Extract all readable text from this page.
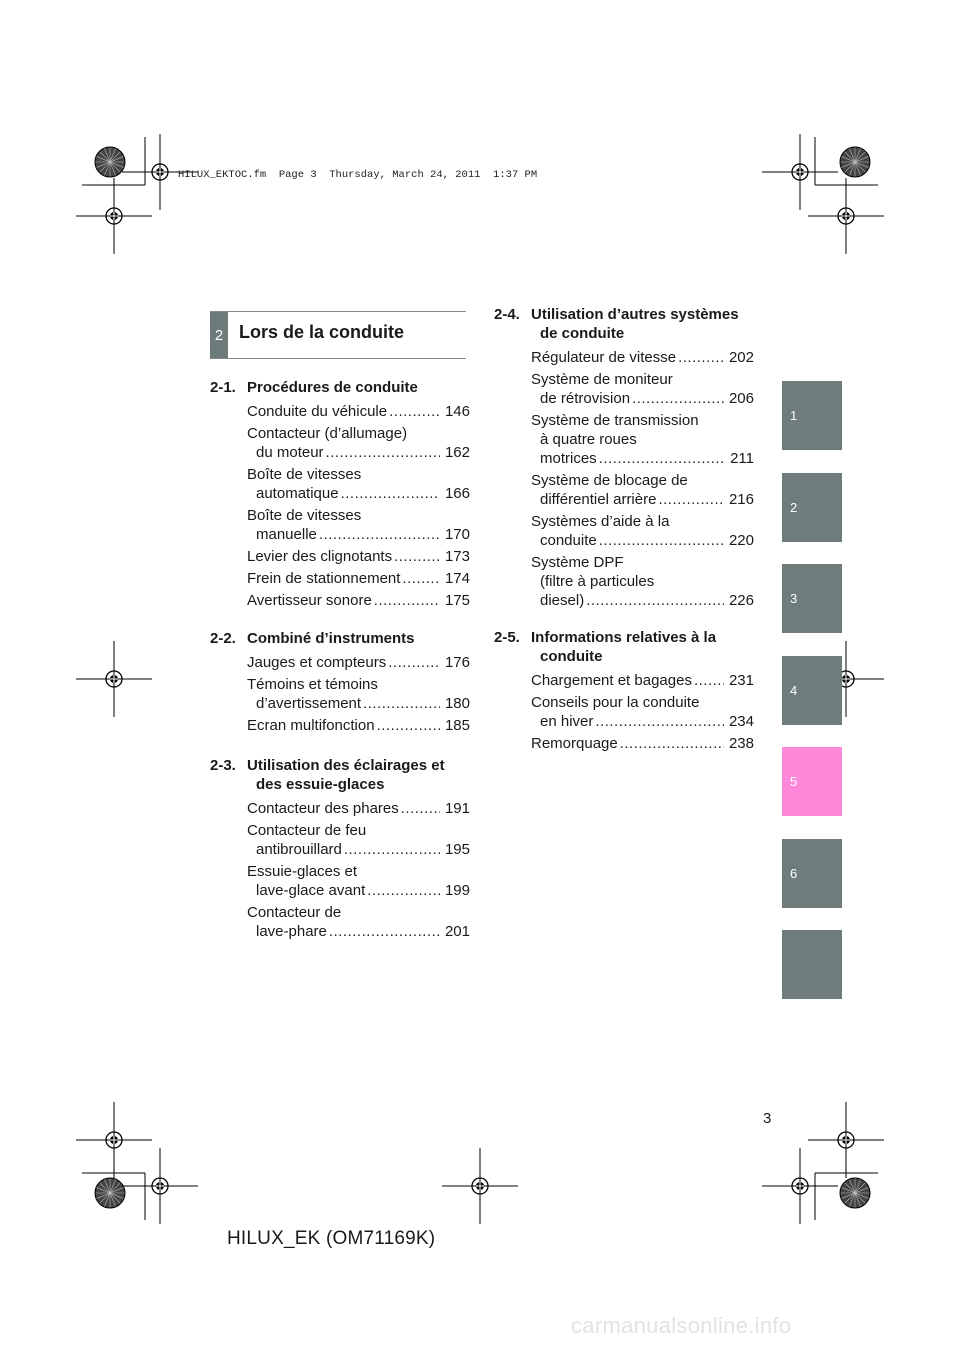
HILUX_EKTOC.fm  Page 3  Thursday, March 24, 2011  1:37 PM
2 Lors de la conduite
2-1. Procédures de conduite
Conduite du véhicule .....	146
Contacteur (d’allumage)
du moteur .....	162
Boîte de vitesses
automatique .....	166
Boîte de vitesses
manuelle .....	170
Levier des clignotants .....	173
Frein de stationnement .....	174
Avertisseur sonore .....	175
2-2. Combiné d’instruments
Jauges et compteurs .....	176
Témoins et témoins
d’avertissement .....	180
Ecran multifonction .....	185
2-3. Utilisation des éclairages et
des essuie-glaces
Contacteur des phares .....	191
Contacteur de feu
antibrouillard .....	195
Essuie-glaces et
lave-glace avant .....	199
Contacteur de
lave-phare .....	201
2-4. Utilisation d’autres systèmes
de conduite
Régulateur de vitesse .....	202
Système de moniteur
de rétrovision .....	206
Système de transmission
à quatre roues
motrices .....	211
Système de blocage de
différentiel arrière .....	216
Systèmes d’aide à la
conduite .....	220
Système DPF
(filtre à particules
diesel) .....	226
2-5. Informations relatives à la
conduite
Chargement et bagages ..... 231
Conseils pour la conduite
en hiver .....	234
Remorquage .....	238
1
2
3
4
5
6
3
HILUX_EK (OM71169K)
carmanualsonline.info
